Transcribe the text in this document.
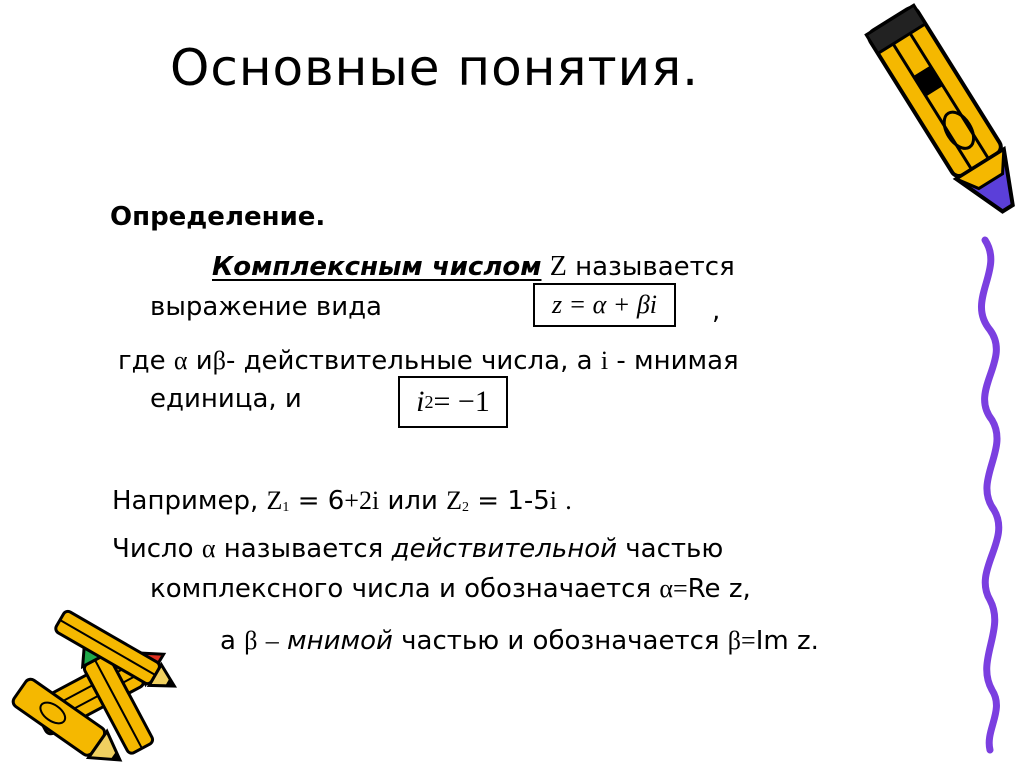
Основные понятия.
Определение.
Комплексным числом Z называется
выражение вида	z = α + βi	,
где α иβ- действительные числа, а i - мнимая
единица, и	i 2 = −1
Например, Z1 = 6+2i или Z2 = 1-5i .
Число α называется действительной частью
комплексного числа и обозначается α=Re z,
а β – мнимой частью и обозначается β=Im z.
